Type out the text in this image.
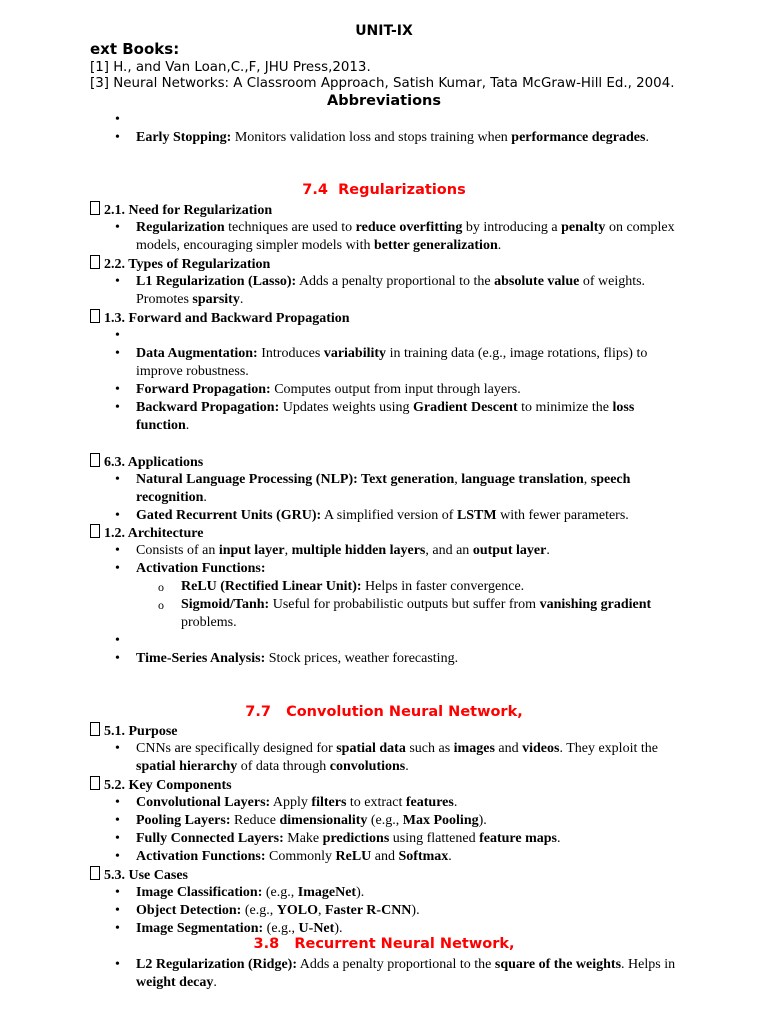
UNIT-IX
ext Books:
[1] H., and Van Loan,C.,F, JHU Press,2013.
[3] Neural Networks: A Classroom Approach, Satish Kumar, Tata McGraw-Hill Ed., 2004.
Abbreviations
•
• Early Stopping: Monitors validation loss and stops training when performance degrades.
7.4  Regularizations
2.1. Need for Regularization
• Regularization techniques are used to reduce overfitting by introducing a penalty on complex models, encouraging simpler models with better generalization.
2.2. Types of Regularization
• L1 Regularization (Lasso): Adds a penalty proportional to the absolute value of weights. Promotes sparsity.
1.3. Forward and Backward Propagation
•
• Data Augmentation: Introduces variability in training data (e.g., image rotations, flips) to improve robustness.
• Forward Propagation: Computes output from input through layers.
• Backward Propagation: Updates weights using Gradient Descent to minimize the loss function.
6.3. Applications
• Natural Language Processing (NLP): Text generation, language translation, speech recognition.
• Gated Recurrent Units (GRU): A simplified version of LSTM with fewer parameters.
1.2. Architecture
• Consists of an input layer, multiple hidden layers, and an output layer.
• Activation Functions:
o ReLU (Rectified Linear Unit): Helps in faster convergence.
o Sigmoid/Tanh: Useful for probabilistic outputs but suffer from vanishing gradient problems.
•
• Time-Series Analysis: Stock prices, weather forecasting.
7.7   Convolution Neural Network,
5.1. Purpose
• CNNs are specifically designed for spatial data such as images and videos. They exploit the spatial hierarchy of data through convolutions.
5.2. Key Components
• Convolutional Layers: Apply filters to extract features.
• Pooling Layers: Reduce dimensionality (e.g., Max Pooling).
• Fully Connected Layers: Make predictions using flattened feature maps.
• Activation Functions: Commonly ReLU and Softmax.
5.3. Use Cases
• Image Classification: (e.g., ImageNet).
• Object Detection: (e.g., YOLO, Faster R-CNN).
• Image Segmentation: (e.g., U-Net).
3.8   Recurrent Neural Network,
• L2 Regularization (Ridge): Adds a penalty proportional to the square of the weights. Helps in weight decay.
